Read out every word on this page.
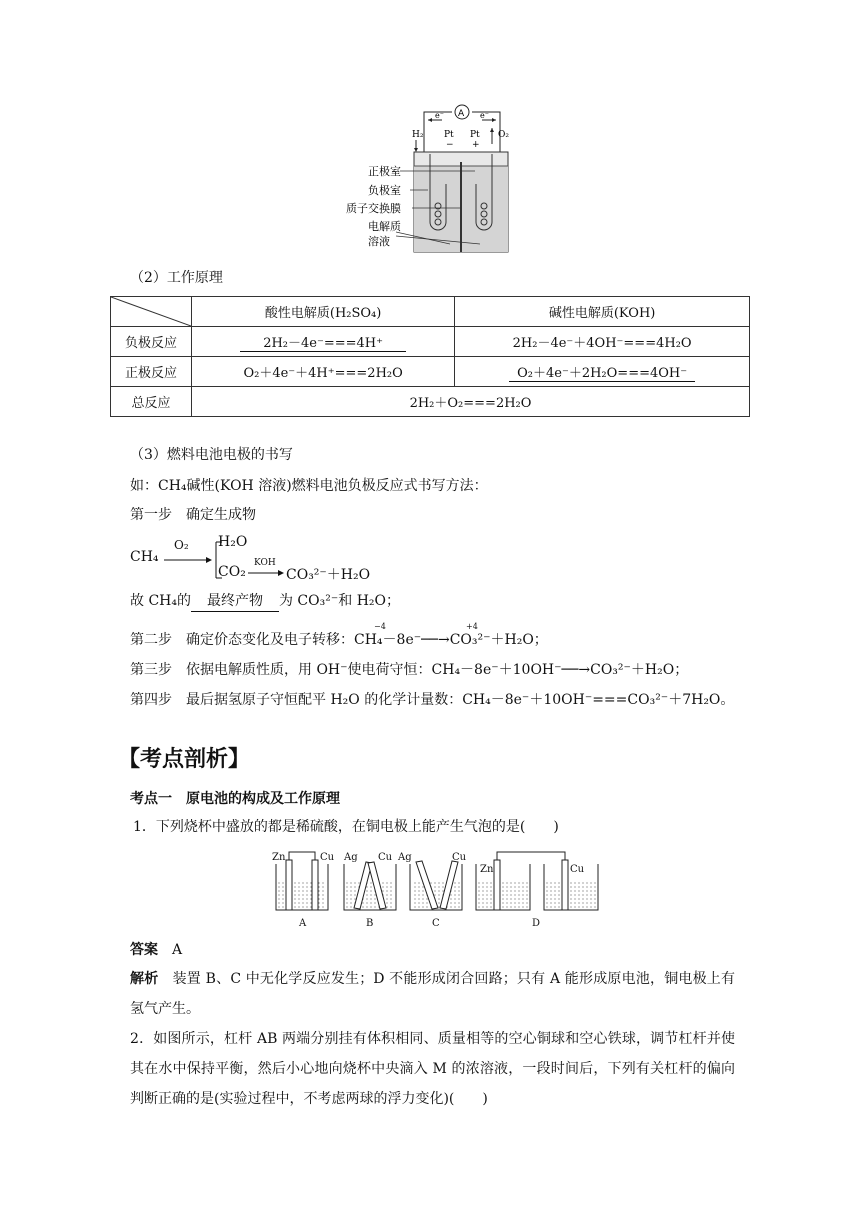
A
e⁻	e⁻
H₂	O₂
Pt Pt
− +
正极室
负极室
质子交换膜
电解质
溶液
（2）工作原理
	酸性电解质(H₂SO₄)	碱性电解质(KOH)
负极反应	2H₂－4e⁻===4H⁺	2H₂－4e⁻＋4OH⁻===4H₂O
正极反应	O₂＋4e⁻＋4H⁺===2H₂O	O₂＋4e⁻＋2H₂O===4OH⁻
总反应	2H₂＋O₂===2H₂O	
（3）燃料电池电极的书写
如：CH₄碱性(KOH 溶液)燃料电池负极反应式书写方法：
第一步　确定生成物
CH₄
O₂ H₂O
CO₂
KOH
CO₃²⁻＋H₂O
故 CH₄的 最终产物 为 CO₃²⁻和 H₂O；
第二步　确定价态变化及电子转移：CH₄－8e⁻──→CO₃²⁻＋H₂O；
−4	+4
第三步　依据电解质性质，用 OH⁻使电荷守恒：CH₄－8e⁻＋10OH⁻──→CO₃²⁻＋H₂O；
第四步　最后据氢原子守恒配平 H₂O 的化学计量数：CH₄－8e⁻＋10OH⁻===CO₃²⁻＋7H₂O。
【考点剖析】
考点一　原电池的构成及工作原理
1．下列烧杯中盛放的都是稀硫酸，在铜电极上能产生气泡的是(　　)
Zn	Cu
A
Ag Cu
B
Ag	Cu
C
Zn	Cu
D
答案　 A
解析　 装置 B、C 中无化学反应发生；D 不能形成闭合回路；只有 A 能形成原电池，铜电极上有氢气产生。
2．如图所示，杠杆 AB 两端分别挂有体积相同、质量相等的空心铜球和空心铁球，调节杠杆并使其在水中保持平衡，然后小心地向烧杯中央滴入 M 的浓溶液，一段时间后，下列有关杠杆的偏向判断正确的是(实验过程中，不考虑两球的浮力变化)(　　)
